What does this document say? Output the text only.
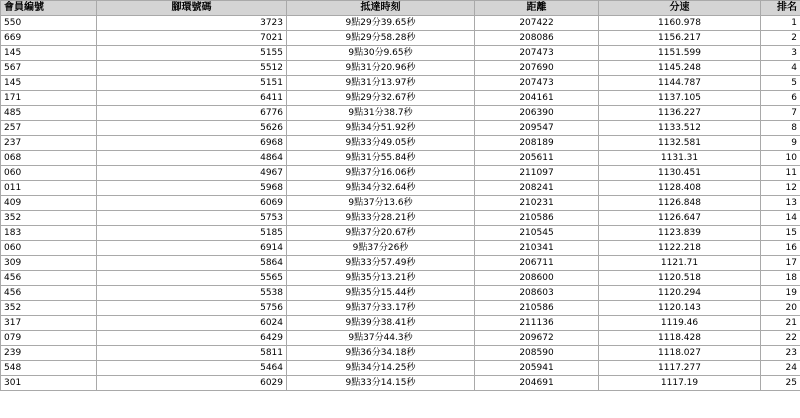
會員編號	腳環號碼	抵達時刻	距離	分速	排名
550	3723	9點29分39.65秒	207422	1160.978	1
669	7021	9點29分58.28秒	208086	1156.217	2
145	5155	9點30分9.65秒	207473	1151.599	3
567	5512	9點31分20.96秒	207690	1145.248	4
145	5151	9點31分13.97秒	207473	1144.787	5
171	6411	9點29分32.67秒	204161	1137.105	6
485	6776	9點31分38.7秒	206390	1136.227	7
257	5626	9點34分51.92秒	209547	1133.512	8
237	6968	9點33分49.05秒	208189	1132.581	9
068	4864	9點31分55.84秒	205611	1131.31	10
060	4967	9點37分16.06秒	211097	1130.451	11
011	5968	9點34分32.64秒	208241	1128.408	12
409	6069	9點37分13.6秒	210231	1126.848	13
352	5753	9點33分28.21秒	210586	1126.647	14
183	5185	9點37分20.67秒	210545	1123.839	15
060	6914	9點37分26秒	210341	1122.218	16
309	5864	9點33分57.49秒	206711	1121.71	17
456	5565	9點35分13.21秒	208600	1120.518	18
456	5538	9點35分15.44秒	208603	1120.294	19
352	5756	9點37分33.17秒	210586	1120.143	20
317	6024	9點39分38.41秒	211136	1119.46	21
079	6429	9點37分44.3秒	209672	1118.428	22
239	5811	9點36分34.18秒	208590	1118.027	23
548	5464	9點34分14.25秒	205941	1117.277	24
301	6029	9點33分14.15秒	204691	1117.19	25
